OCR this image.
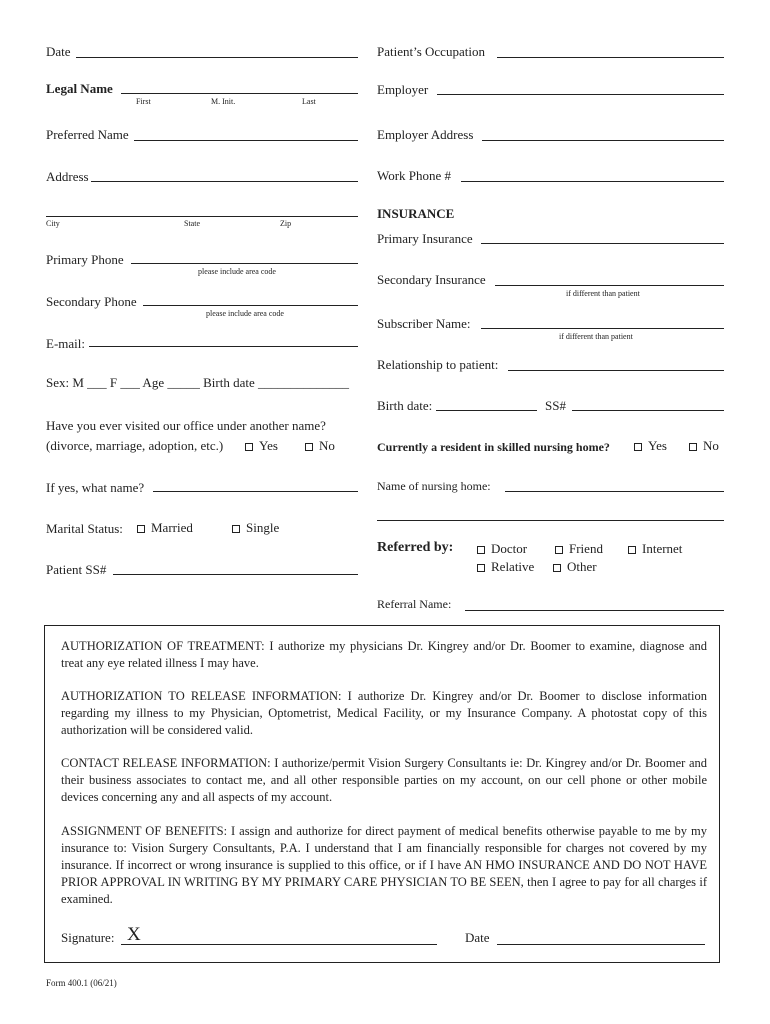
Date
Legal Name
First	M. Init.	Last
Preferred Name
Address
City	State	Zip
Primary Phone
please include area code
Secondary Phone
please include area code
E-mail:
Sex: M ___ F ___ Age _____ Birth date ______________
Have you ever visited our office under another name?
(divorce, marriage, adoption, etc.)	Yes	No
If yes, what name?
Marital Status:	Married	Single
Patient SS#
Patient’s Occupation
Employer
Employer Address
Work Phone #
INSURANCE
Primary Insurance
Secondary Insurance
if different than patient
Subscriber Name:
if different than patient
Relationship to patient:
Birth date:	SS#
Currently a resident in skilled nursing home?	Yes	No
Name of nursing home:
Referred by:	Doctor	Friend	Internet
Relative	Other
Referral Name:
AUTHORIZATION OF TREATMENT: I authorize my physicians Dr. Kingrey and/or Dr. Boomer to examine, diagnose and treat any eye related illness I may have.
AUTHORIZATION TO RELEASE INFORMATION: I authorize Dr. Kingrey and/or Dr. Boomer to disclose information regarding my illness to my Physician, Optometrist, Medical Facility, or my Insurance Company. A photostat copy of this authorization will be considered valid.
CONTACT RELEASE INFORMATION: I authorize/permit Vision Surgery Consultants ie: Dr. Kingrey and/or Dr. Boomer and their business associates to contact me, and all other responsible parties on my account, on our cell phone or other mobile devices concerning any and all aspects of my account.
ASSIGNMENT OF BENEFITS: I assign and authorize for direct payment of medical benefits otherwise payable to me by my insurance to: Vision Surgery Consultants, P.A. I understand that I am financially responsible for charges not covered by my insurance. If incorrect or wrong insurance is supplied to this office, or if I have AN HMO INSURANCE AND DO NOT HAVE PRIOR APPROVAL IN WRITING BY MY PRIMARY CARE PHYSICIAN TO BE SEEN, then I agree to pay for all charges if examined.
Signature: X	Date
Form 400.1 (06/21)
